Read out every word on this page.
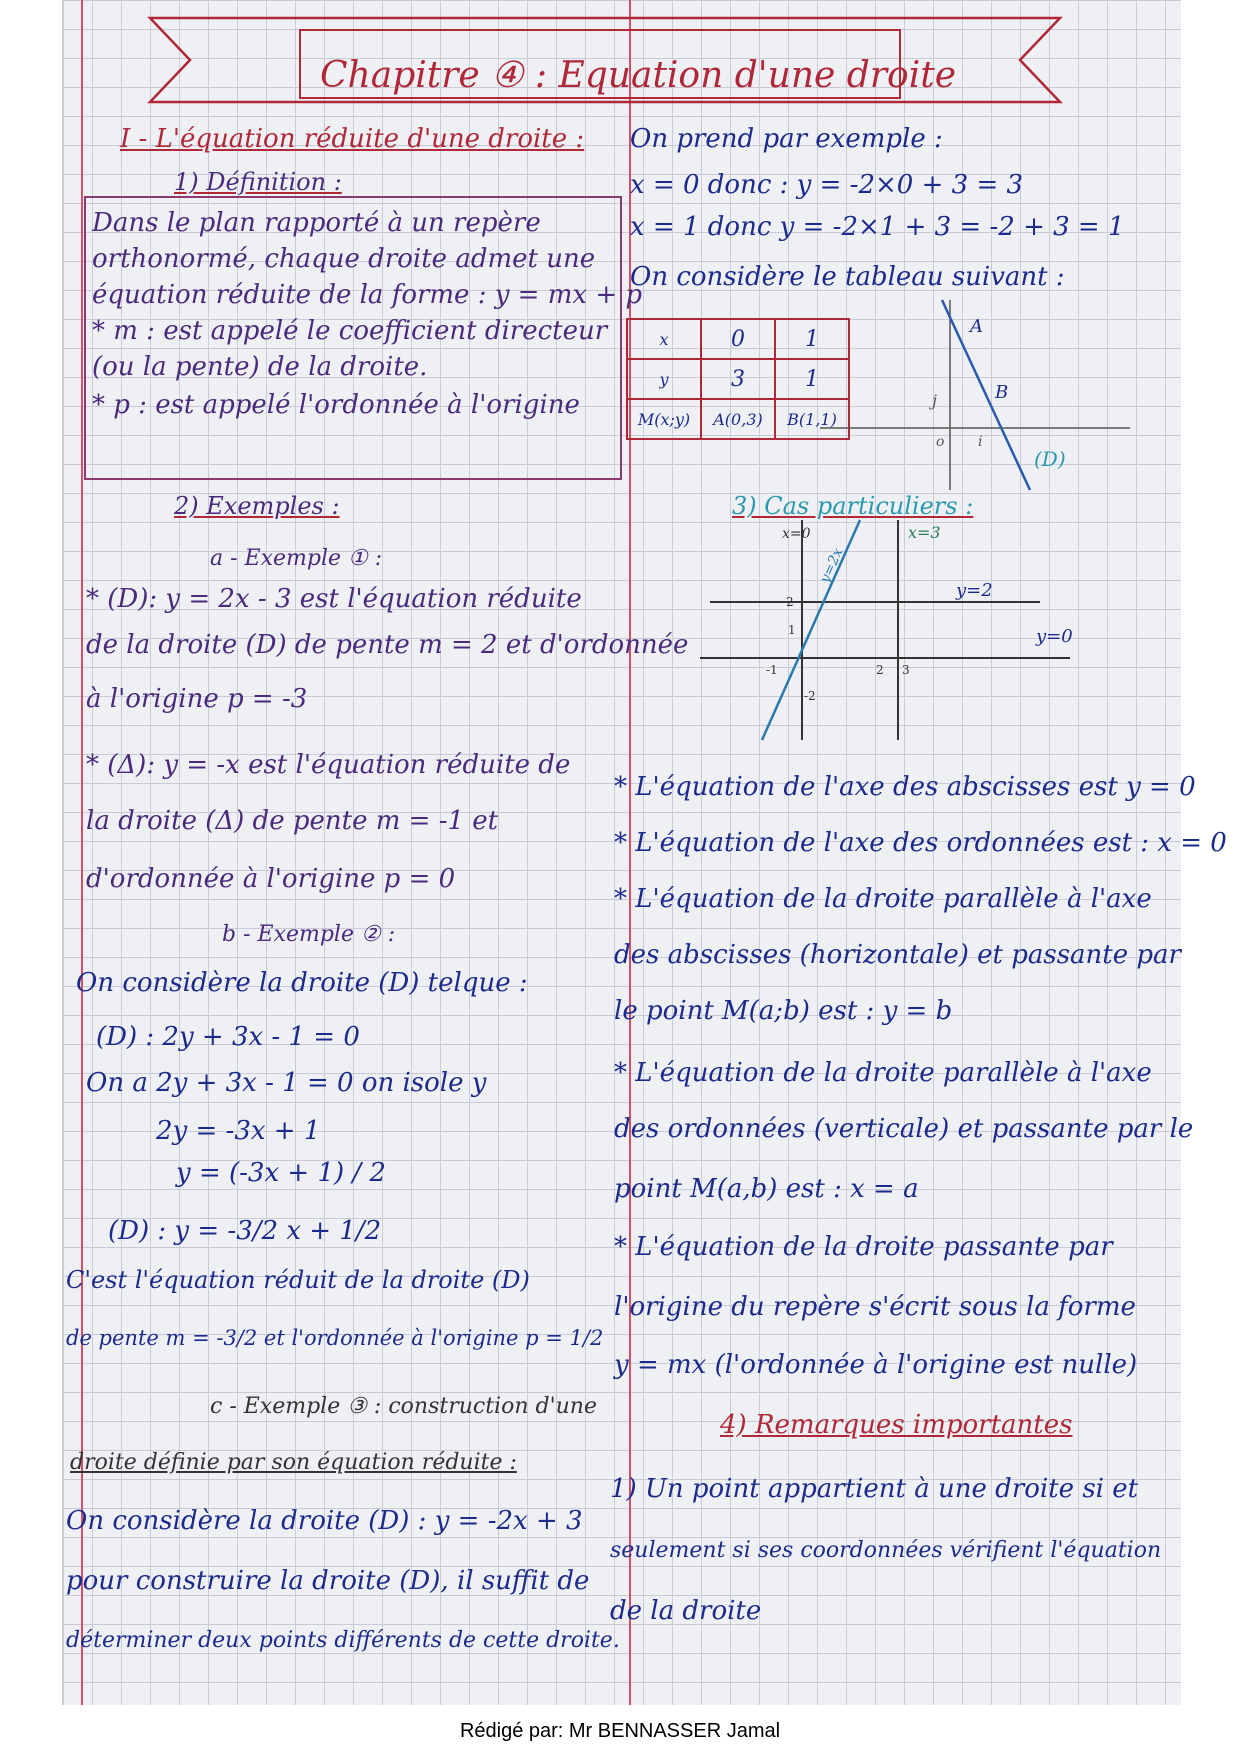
Chapitre ④ : Equation d'une droite
I - L'équation réduite d'une droite :
1) Définition :
Dans le plan rapporté à un repère
orthonormé, chaque droite admet une
équation réduite de la forme : y = mx + p
* m : est appelé le coefficient directeur
(ou la pente) de la droite.
* p : est appelé l'ordonnée à l'origine
2) Exemples :
a - Exemple ① :
* (D): y = 2x - 3 est l'équation réduite
de la droite (D) de pente m = 2 et d'ordonnée
à l'origine p = -3
* (Δ): y = -x est l'équation réduite de
la droite (Δ) de pente m = -1 et
d'ordonnée à l'origine p = 0
b - Exemple ② :
On considère la droite (D) telque :
(D) : 2y + 3x - 1 = 0
On a 2y + 3x - 1 = 0 on isole y
2y = -3x + 1
y = (-3x + 1) / 2
(D) : y = -3/2 x + 1/2
C'est l'équation réduit de la droite (D)
de pente m = -3/2 et l'ordonnée à l'origine p = 1/2
c - Exemple ③ : construction d'une
droite définie par son équation réduite :
On considère la droite (D) : y = -2x + 3
pour construire la droite (D), il suffit de
déterminer deux points différents de cette droite.
On prend par exemple :
x = 0 donc : y = -2×0 + 3 = 3
x = 1 donc y = -2×1 + 3 = -2 + 3 = 1
On considère le tableau suivant :
x	0	1
y	3	1
M(x;y)	A(0,3)	B(1,1)
A
B
(D)
j
i
o
3) Cas particuliers :
x=0	x=3
y=2
y=0
y=2x
2
2
1
3
-1
-2
* L'équation de l'axe des abscisses est y = 0
* L'équation de l'axe des ordonnées est : x = 0
* L'équation de la droite parallèle à l'axe
des abscisses (horizontale) et passante par
le point M(a;b) est : y = b
* L'équation de la droite parallèle à l'axe
des ordonnées (verticale) et passante par le
point M(a,b) est : x = a
* L'équation de la droite passante par
l'origine du repère s'écrit sous la forme
y = mx (l'ordonnée à l'origine est nulle)
4) Remarques importantes
1) Un point appartient à une droite si et
seulement si ses coordonnées vérifient l'équation
de la droite
Rédigé par: Mr BENNASSER Jamal
